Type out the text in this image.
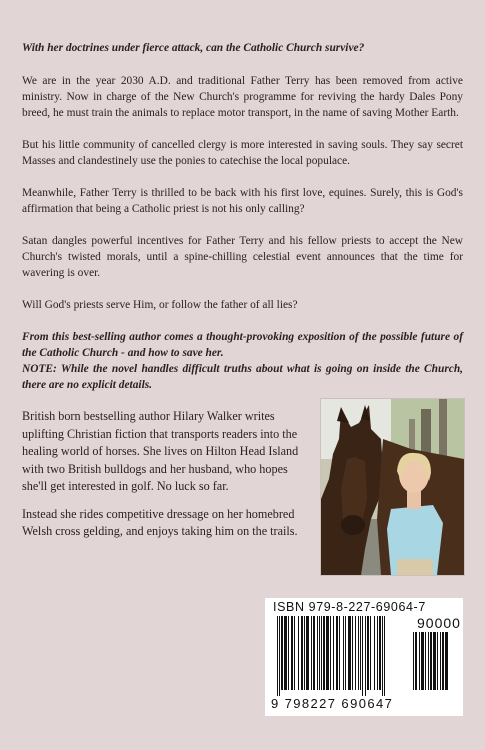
With her doctrines under fierce attack, can the Catholic Church survive?

We are in the year 2030 A.D. and traditional Father Terry has been removed from active ministry. Now in charge of the New Church's programme for reviving the hardy Dales Pony breed, he must train the animals to replace motor transport, in the name of saving Mother Earth.

But his little community of cancelled clergy is more interested in saving souls. They say secret Masses and clandestinely use the ponies to catechise the local populace.

Meanwhile, Father Terry is thrilled to be back with his first love, equines. Surely, this is God's affirmation that being a Catholic priest is not his only calling?

Satan dangles powerful incentives for Father Terry and his fellow priests to accept the New Church's twisted morals, until a spine-chilling celestial event announces that the time for wavering is over.

Will God's priests serve Him, or follow the father of all lies?

From this best-selling author comes a thought-provoking exposition of the possible future of the Catholic Church - and how to save her.
NOTE: While the novel handles difficult truths about what is going on inside the Church, there are no explicit details.

British born bestselling author Hilary Walker writes uplifting Christian fiction that transports readers into the healing world of horses. She lives on Hilton Head Island with two British bulldogs and her husband, who hopes she'll get interested in golf. No luck so far.

Instead she rides competitive dressage on her homebred Welsh cross gelding, and enjoys taking him on the trails.

ISBN 979-8-227-69064-7
90000
9 798227 690647
